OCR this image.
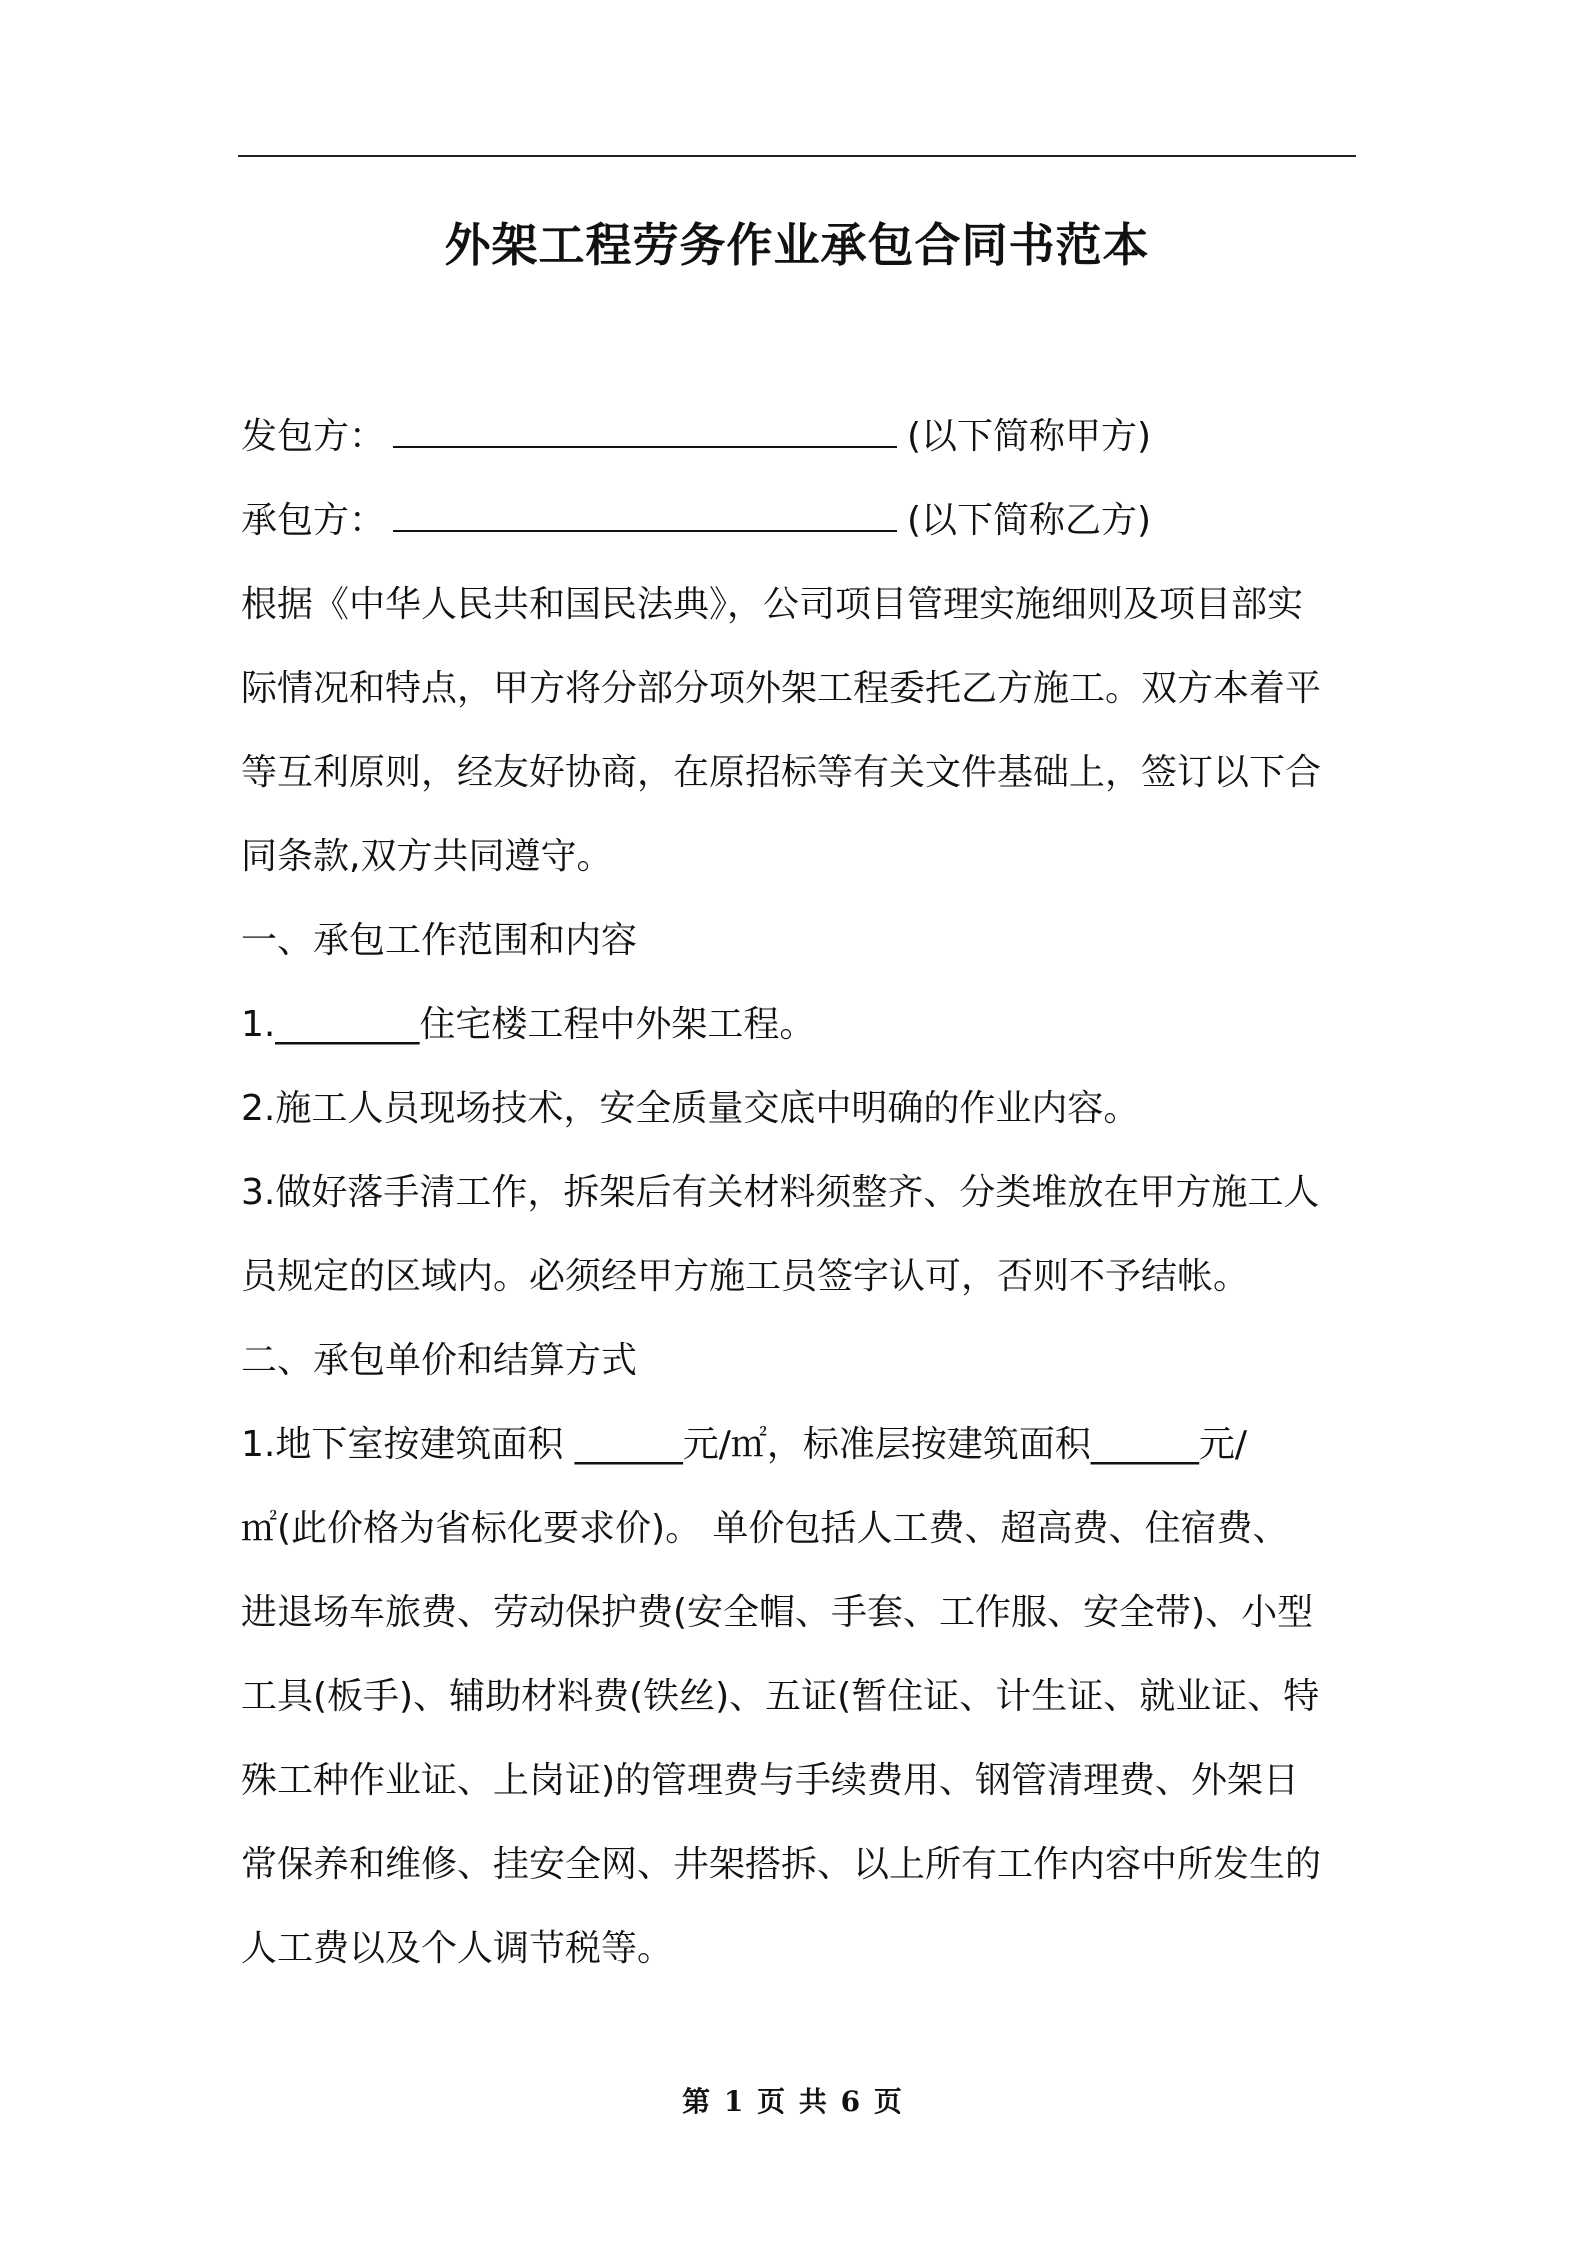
外架工程劳务作业承包合同书范本
发包方：	(以下简称甲方)
承包方：	(以下简称乙方)
根据《中华人民共和国民法典》，公司项目管理实施细则及项目部实
际情况和特点，甲方将分部分项外架工程委托乙方施工。双方本着平
等互利原则，经友好协商，在原招标等有关文件基础上，签订以下合
同条款,双方共同遵守。
一、承包工作范围和内容
1.________住宅楼工程中外架工程。
2.施工人员现场技术，安全质量交底中明确的作业内容。
3.做好落手清工作，拆架后有关材料须整齐、分类堆放在甲方施工人
员规定的区域内。必须经甲方施工员签字认可，否则不予结帐。
二、承包单价和结算方式
1.地下室按建筑面积 ______元/㎡，标准层按建筑面积______元/
㎡(此价格为省标化要求价)。 单价包括人工费、超高费、住宿费、
进退场车旅费、劳动保护费(安全帽、手套、工作服、安全带)、小型
工具(板手)、辅助材料费(铁丝)、五证(暂住证、计生证、就业证、特
殊工种作业证、上岗证)的管理费与手续费用、钢管清理费、外架日
常保养和维修、挂安全网、井架搭拆、以上所有工作内容中所发生的
人工费以及个人调节税等。
第 1 页 共 6 页
